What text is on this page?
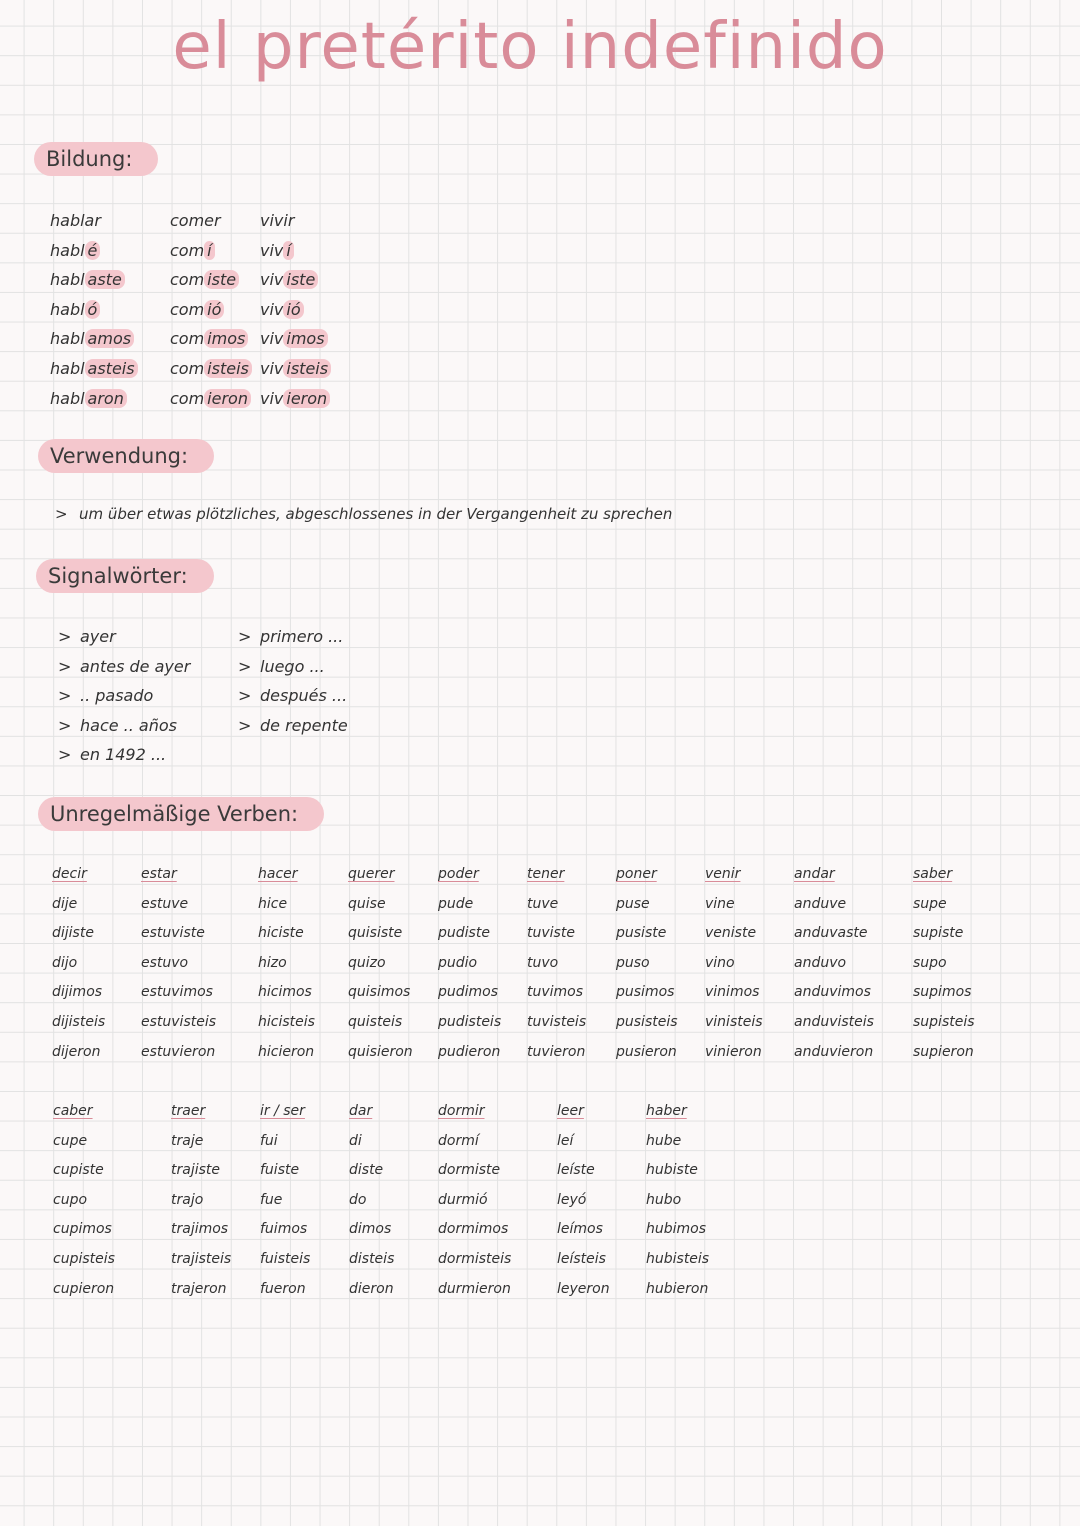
el pretérito indefinido
Bildung:
hablar
habl é
habl aste
habl ó
habl amos
habl asteis
habl aron
comer
com í
com iste
com ió
com imos
com isteis
com ieron
vivir
viv í
viv iste
viv ió
viv imos
viv isteis
viv ieron
Verwendung:
> um über etwas plötzliches, abgeschlossenes in der Vergangenheit zu sprechen
Signalwörter:
> ayer
> antes de ayer
> .. pasado
> hace .. años
> en 1492 ...
> primero ...
> luego ...
> después ...
> de repente
Unregelmäßige Verben:
decir
dije
dijiste
dijo
dijimos
dijisteis
dijeron
estar
estuve
estuviste
estuvo
estuvimos
estuvisteis
estuvieron
hacer
hice
hiciste
hizo
hicimos
hicisteis
hicieron
querer
quise
quisiste
quizo
quisimos
quisteis
quisieron
poder
pude
pudiste
pudio
pudimos
pudisteis
pudieron
tener
tuve
tuviste
tuvo
tuvimos
tuvisteis
tuvieron
poner
puse
pusiste
puso
pusimos
pusisteis
pusieron
venir
vine
veniste
vino
vinimos
vinisteis
vinieron
andar
anduve
anduvaste
anduvo
anduvimos
anduvisteis
anduvieron
saber
supe
supiste
supo
supimos
supisteis
supieron
caber
cupe
cupiste
cupo
cupimos
cupisteis
cupieron
traer
traje
trajiste
trajo
trajimos
trajisteis
trajeron
ir / ser
fui
fuiste
fue
fuimos
fuisteis
fueron
dar
di
diste
do
dimos
disteis
dieron
dormir
dormí
dormiste
durmió
dormimos
dormisteis
durmieron
leer
leí
leíste
leyó
leímos
leísteis
leyeron
haber
hube
hubiste
hubo
hubimos
hubisteis
hubieron
